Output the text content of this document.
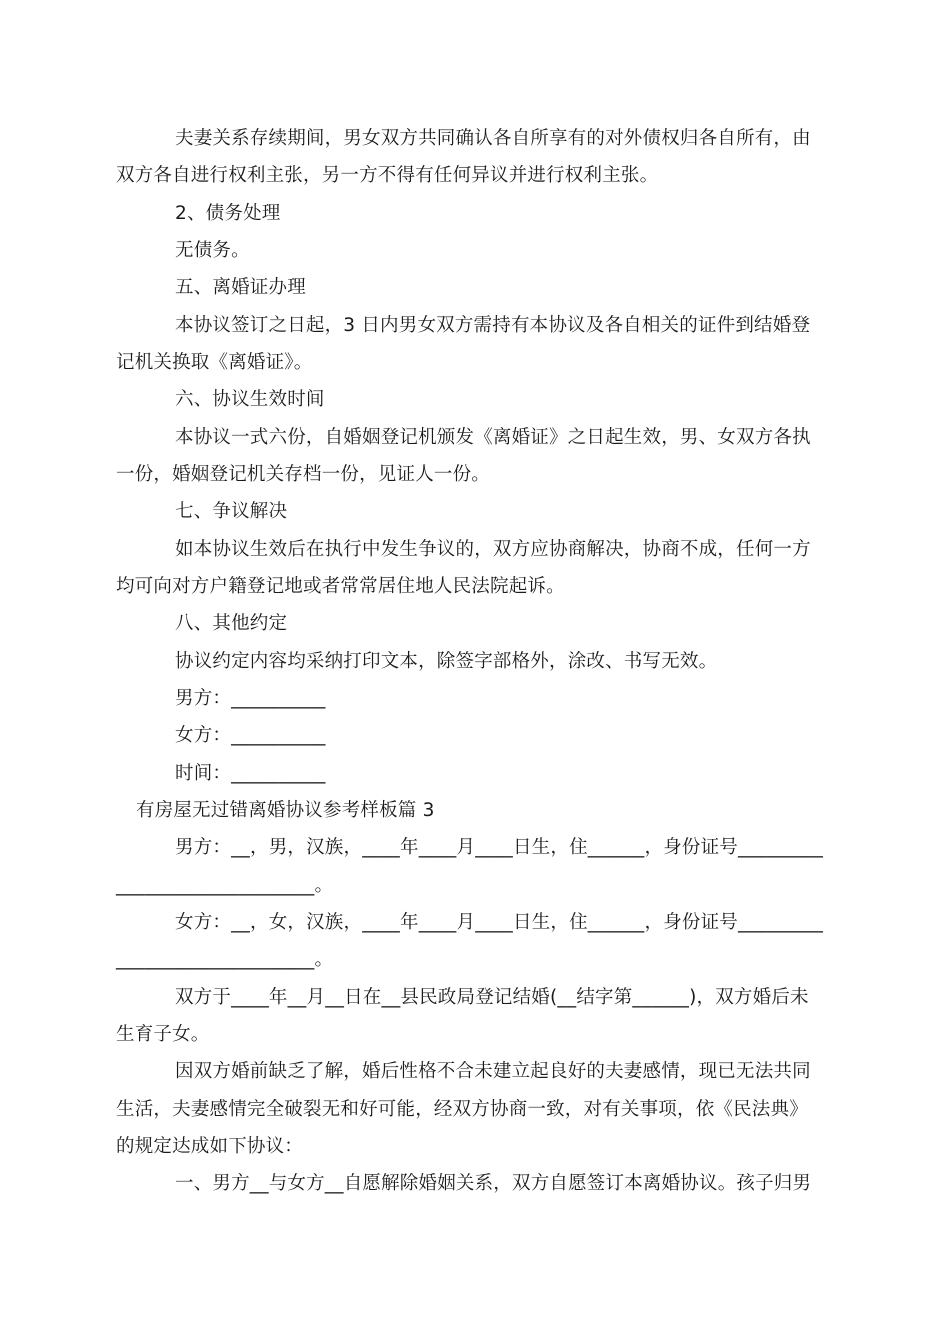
夫妻关系存续期间，男女双方共同确认各自所享有的对外债权归各自所有，由
双方各自进行权利主张，另一方不得有任何异议并进行权利主张。
2、债务处理
无债务。
五、离婚证办理
本协议签订之日起，3 日内男女双方需持有本协议及各自相关的证件到结婚登
记机关换取《离婚证》。
六、协议生效时间
本协议一式六份，自婚姻登记机颁发《离婚证》之日起生效，男、女双方各执
一份，婚姻登记机关存档一份，见证人一份。
七、争议解决
如本协议生效后在执行中发生争议的，双方应协商解决，协商不成，任何一方
均可向对方户籍登记地或者常常居住地人民法院起诉。
八、其他约定
协议约定内容均采纳打印文本，除签字部格外，涂改、书写无效。
男方：__________
女方：__________
时间：__________
有房屋无过错离婚协议参考样板篇 3
男方：__，男，汉族，____年____月____日生，住______，身份证号_________
_____________________。
女方：__，女，汉族，____年____月____日生，住______，身份证号_________
_____________________。
双方于____年__月__日在__县民政局登记结婚(__结字第______)，双方婚后未
生育子女。
因双方婚前缺乏了解，婚后性格不合未建立起良好的夫妻感情，现已无法共同
生活，夫妻感情完全破裂无和好可能，经双方协商一致，对有关事项，依《民法典》
的规定达成如下协议：
一、男方__与女方__自愿解除婚姻关系，双方自愿签订本离婚协议。孩子归男
